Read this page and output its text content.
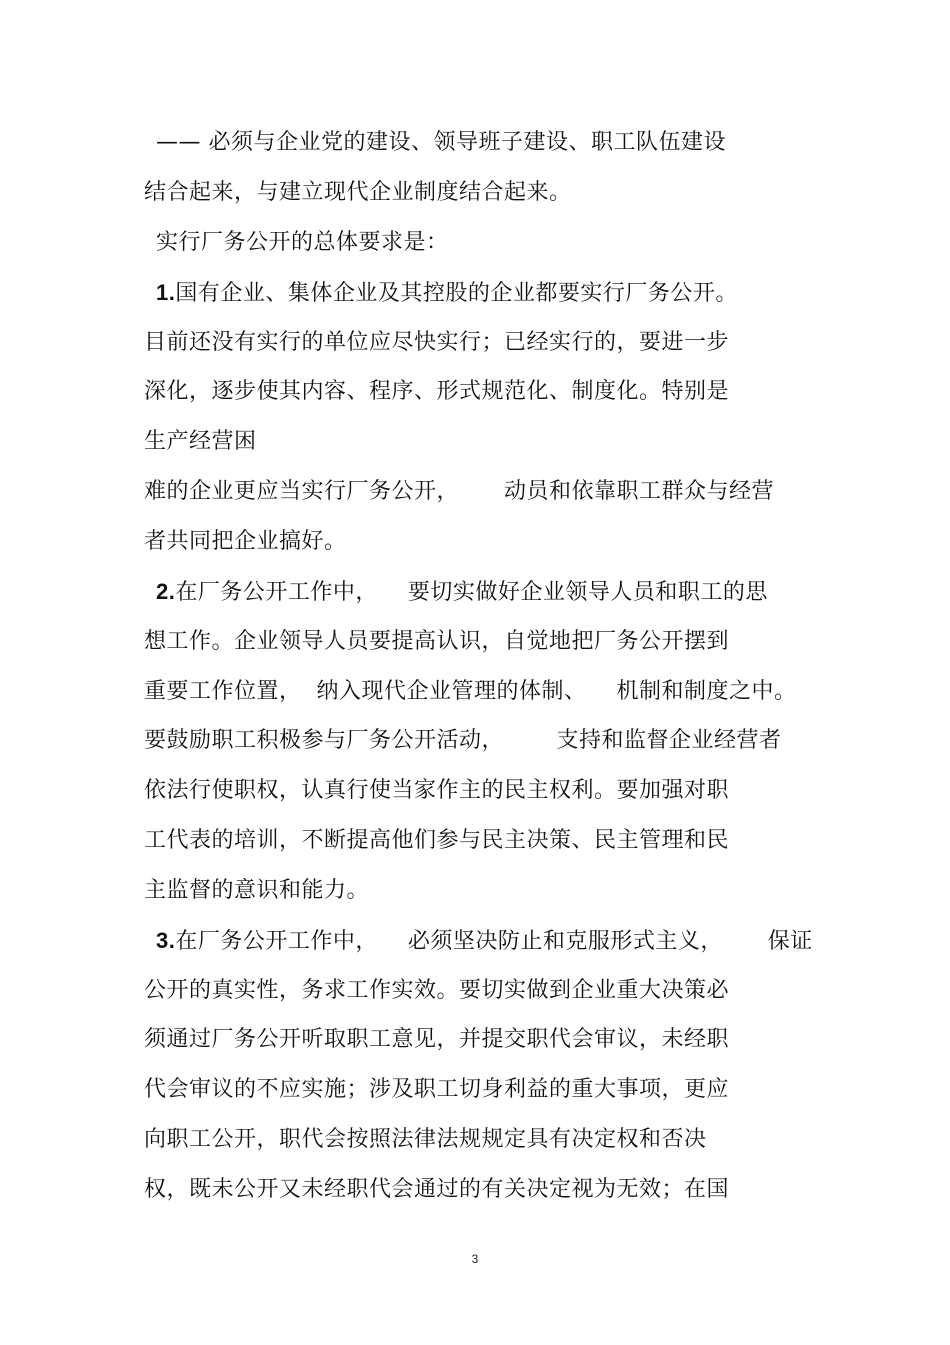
—— 必须与企业党的建设、领导班子建设、职工队伍建设
结合起来，与建立现代企业制度结合起来。
实行厂务公开的总体要求是：
1.国有企业、集体企业及其控股的企业都要实行厂务公开。
目前还没有实行的单位应尽快实行；已经实行的，要进一步
深化，逐步使其内容、程序、形式规范化、制度化。特别是
生产经营困
难的企业更应当实行厂务公开，      动员和依靠职工群众与经营
者共同把企业搞好。
2.在厂务公开工作中，    要切实做好企业领导人员和职工的思
想工作。企业领导人员要提高认识，自觉地把厂务公开摆到
重要工作位置，  纳入现代企业管理的体制、    机制和制度之中。
要鼓励职工积极参与厂务公开活动，       支持和监督企业经营者
依法行使职权，认真行使当家作主的民主权利。要加强对职
工代表的培训，不断提高他们参与民主决策、民主管理和民
主监督的意识和能力。
3.在厂务公开工作中，    必须坚决防止和克服形式主义，      保证
公开的真实性，务求工作实效。要切实做到企业重大决策必
须通过厂务公开听取职工意见，并提交职代会审议，未经职
代会审议的不应实施；涉及职工切身利益的重大事项，更应
向职工公开，职代会按照法律法规规定具有决定权和否决
权，既未公开又未经职代会通过的有关决定视为无效；在国
3
